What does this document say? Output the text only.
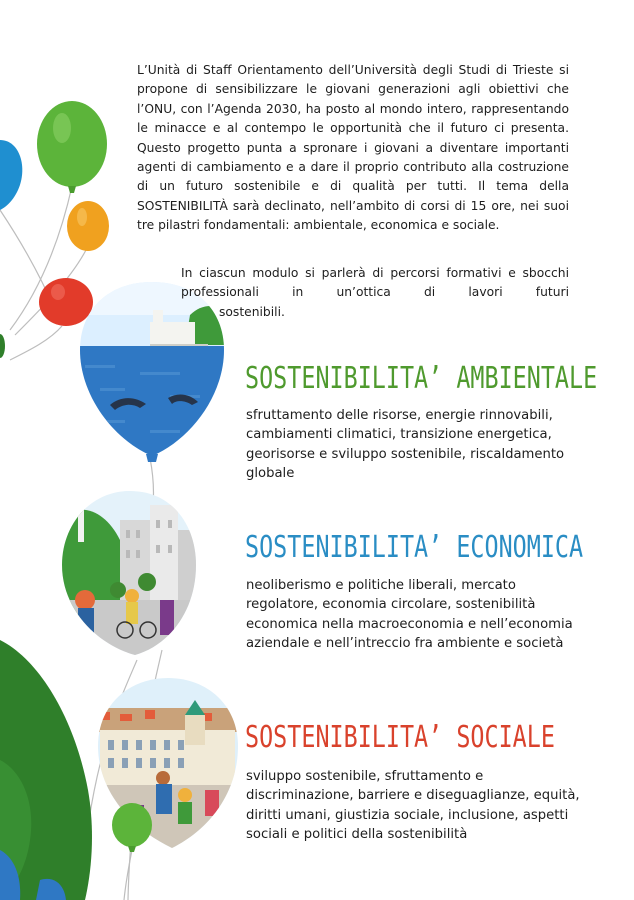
L’Unità di Staff Orientamento dell’Università degli Studi di Trieste si propone di sensibilizzare le giovani generazioni agli obiettivi che l’ONU, con l’Agenda 2030, ha posto al mondo intero, rappresentando le minacce e al contempo le opportunità che il futuro ci presenta. Questo progetto punta a spronare i giovani a diventare importanti agenti di cambiamento e a dare il proprio contributo alla costruzione di un futuro sostenibile e di qualità per tutti. Il tema della SOSTENIBILITÀ sarà declinato, nell’ambito di corsi di 15 ore, nei suoi tre pilastri fondamentali: ambientale, economica e sociale.
In ciascun modulo si parlerà di percorsi formativi e sbocchi professionali in un’ottica di lavori futuri
sostenibili.
SOSTENIBILITA’ AMBIENTALE
sfruttamento delle risorse, energie rinnovabili, cambiamenti climatici, transizione energetica, georisorse e sviluppo sostenibile, riscaldamento globale
SOSTENIBILITA’ ECONOMICA
neoliberismo e politiche liberali, mercato regolatore, economia circolare, sostenibilità economica nella macroeconomia e nell’economia aziendale e nell’intreccio fra ambiente e società
SOSTENIBILITA’ SOCIALE
sviluppo sostenibile, sfruttamento e discriminazione, barriere e diseguaglianze, equità, diritti umani, giustizia sociale, inclusione, aspetti sociali e politici della sostenibilità
